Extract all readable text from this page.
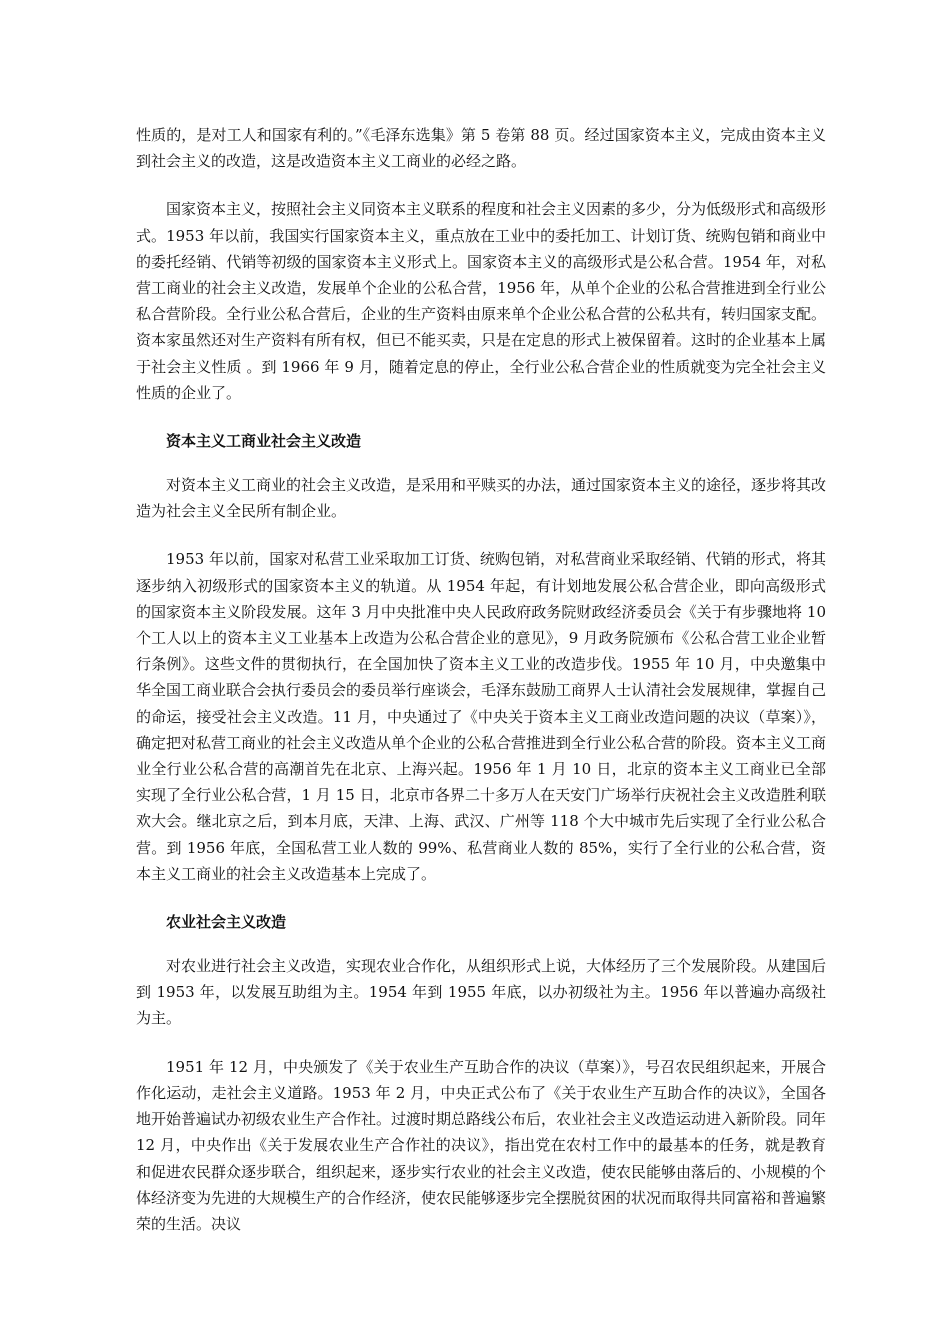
性质的，是对工人和国家有利的。”《毛泽东选集》第 5 卷第 88 页。经过国家资本主义，完成由资本主义到社会主义的改造，这是改造资本主义工商业的必经之路。

国家资本主义，按照社会主义同资本主义联系的程度和社会主义因素的多少，分为低级形式和高级形式。1953 年以前，我国实行国家资本主义，重点放在工业中的委托加工、计划订货、统购包销和商业中的委托经销、代销等初级的国家资本主义形式上。国家资本主义的高级形式是公私合营。1954 年，对私营工商业的社会主义改造，发展单个企业的公私合营，1956 年，从单个企业的公私合营推进到全行业公私合营阶段。全行业公私合营后，企业的生产资料由原来单个企业公私合营的公私共有，转归国家支配。资本家虽然还对生产资料有所有权，但已不能买卖，只是在定息的形式上被保留着。这时的企业基本上属于社会主义性质 。到 1966 年 9 月，随着定息的停止，全行业公私合营企业的性质就变为完全社会主义性质的企业了。

资本主义工商业社会主义改造

对资本主义工商业的社会主义改造，是采用和平赎买的办法，通过国家资本主义的途径，逐步将其改造为社会主义全民所有制企业。

1953 年以前，国家对私营工业采取加工订货、统购包销，对私营商业采取经销、代销的形式，将其逐步纳入初级形式的国家资本主义的轨道。从 1954 年起，有计划地发展公私合营企业，即向高级形式的国家资本主义阶段发展。这年 3 月中央批准中央人民政府政务院财政经济委员会《关于有步骤地将 10 个工人以上的资本主义工业基本上改造为公私合营企业的意见》，9 月政务院颁布《公私合营工业企业暂行条例》。这些文件的贯彻执行，在全国加快了资本主义工业的改造步伐。1955 年 10 月，中央邀集中华全国工商业联合会执行委员会的委员举行座谈会，毛泽东鼓励工商界人士认清社会发展规律，掌握自己的命运，接受社会主义改造。11 月，中央通过了《中央关于资本主义工商业改造问题的决议（草案）》，确定把对私营工商业的社会主义改造从单个企业的公私合营推进到全行业公私合营的阶段。资本主义工商业全行业公私合营的高潮首先在北京、上海兴起。1956 年 1 月 10 日，北京的资本主义工商业已全部实现了全行业公私合营，1 月 15 日，北京市各界二十多万人在天安门广场举行庆祝社会主义改造胜利联欢大会。继北京之后，到本月底，天津、上海、武汉、广州等 118 个大中城市先后实现了全行业公私合营。到 1956 年底，全国私营工业人数的 99%、私营商业人数的 85%，实行了全行业的公私合营，资本主义工商业的社会主义改造基本上完成了。

农业社会主义改造

对农业进行社会主义改造，实现农业合作化，从组织形式上说，大体经历了三个发展阶段。从建国后到 1953 年，以发展互助组为主。1954 年到 1955 年底，以办初级社为主。1956 年以普遍办高级社为主。

1951 年 12 月，中央颁发了《关于农业生产互助合作的决议（草案）》，号召农民组织起来，开展合作化运动，走社会主义道路。1953 年 2 月，中央正式公布了《关于农业生产互助合作的决议》，全国各地开始普遍试办初级农业生产合作社。过渡时期总路线公布后，农业社会主义改造运动进入新阶段。同年 12 月，中央作出《关于发展农业生产合作社的决议》，指出党在农村工作中的最基本的任务，就是教育和促进农民群众逐步联合，组织起来，逐步实行农业的社会主义改造，使农民能够由落后的、小规模的个体经济变为先进的大规模生产的合作经济，使农民能够逐步完全摆脱贫困的状况而取得共同富裕和普遍繁荣的生活。决议
